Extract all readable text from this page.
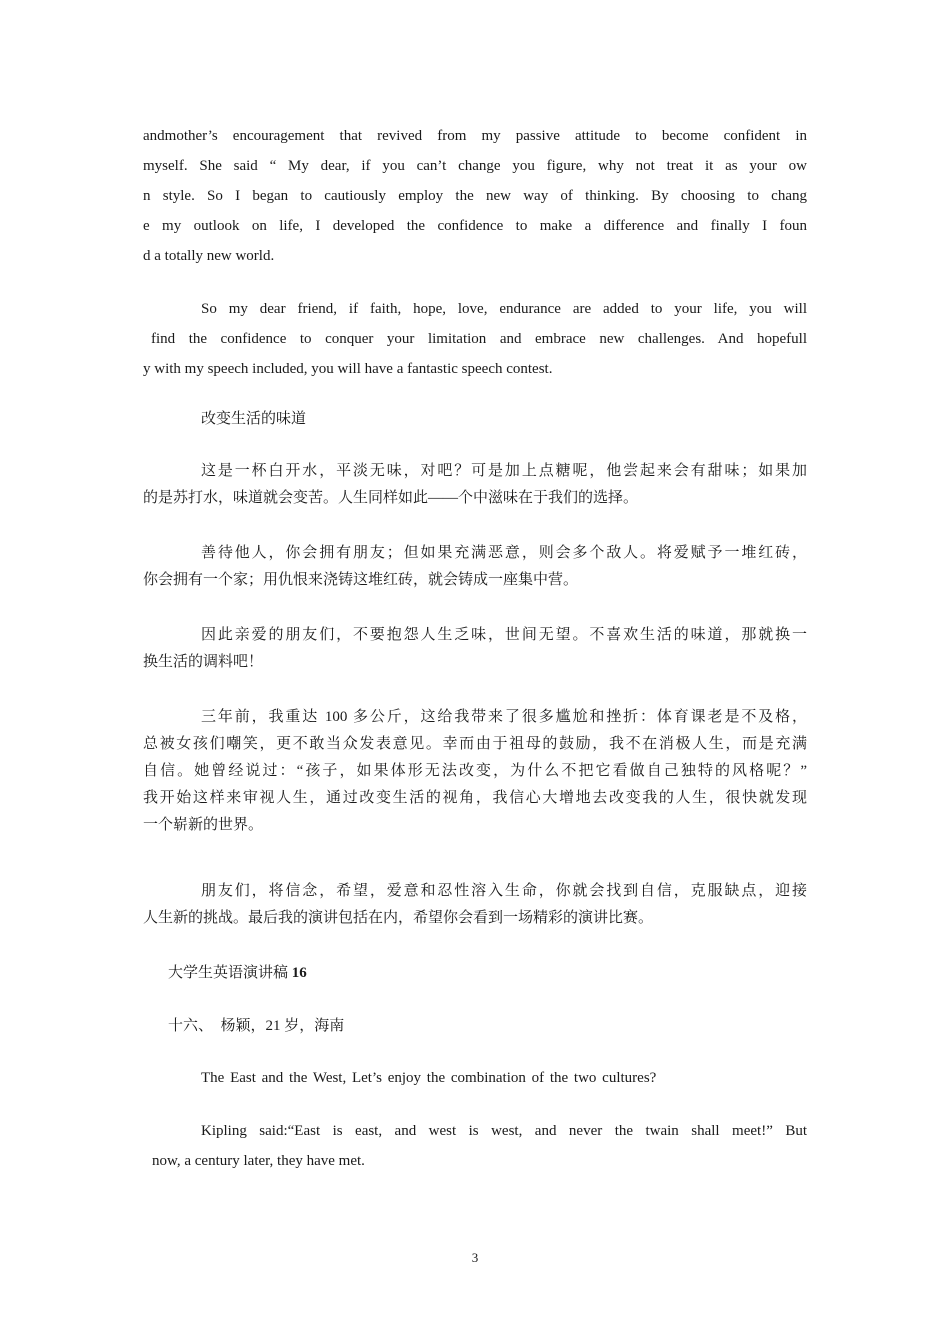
andmother’s encouragement that revived from my passive attitude to become confident in
myself. She said “ My dear, if you can’t change you figure, why not treat it as your ow
n style. So I began to cautiously employ the new way of thinking. By choosing to chang
e my outlook on life, I developed the confidence to make a difference and finally I foun
d a totally new world.
So my dear friend, if faith, hope, love, endurance are added to your life, you will
find the confidence to conquer your limitation and embrace new challenges. And hopefull
y with my speech included, you will have a fantastic speech contest.
改变生活的味道
这是一杯白开水，平淡无味，对吧？可是加上点糖呢，他尝起来会有甜味；如果加
的是苏打水，味道就会变苦。人生同样如此——个中滋味在于我们的选择。
善待他人，你会拥有朋友；但如果充满恶意，则会多个敌人。将爱赋予一堆红砖，
你会拥有一个家；用仇恨来浇铸这堆红砖，就会铸成一座集中营。
因此亲爱的朋友们，不要抱怨人生乏味，世间无望。不喜欢生活的味道，那就换一
换生活的调料吧！
三年前，我重达 100 多公斤，这给我带来了很多尴尬和挫折：体育课老是不及格，
总被女孩们嘲笑，更不敢当众发表意见。幸而由于祖母的鼓励，我不在消极人生，而是充满
自信。她曾经说过：“孩子，如果体形无法改变，为什么不把它看做自己独特的风格呢？”
我开始这样来审视人生，通过改变生活的视角，我信心大增地去改变我的人生，很快就发现
一个崭新的世界。
朋友们，将信念，希望，爱意和忍性溶入生命，你就会找到自信，克服缺点，迎接
人生新的挑战。最后我的演讲包括在内，希望你会看到一场精彩的演讲比赛。
大学生英语演讲稿 16
十六、  杨颖，21 岁，海南
The East and the West, Let’s enjoy the combination of the two cultures?
Kipling said:“East is east, and west is west, and never the twain shall meet!” But
now, a century later, they have met.
3
